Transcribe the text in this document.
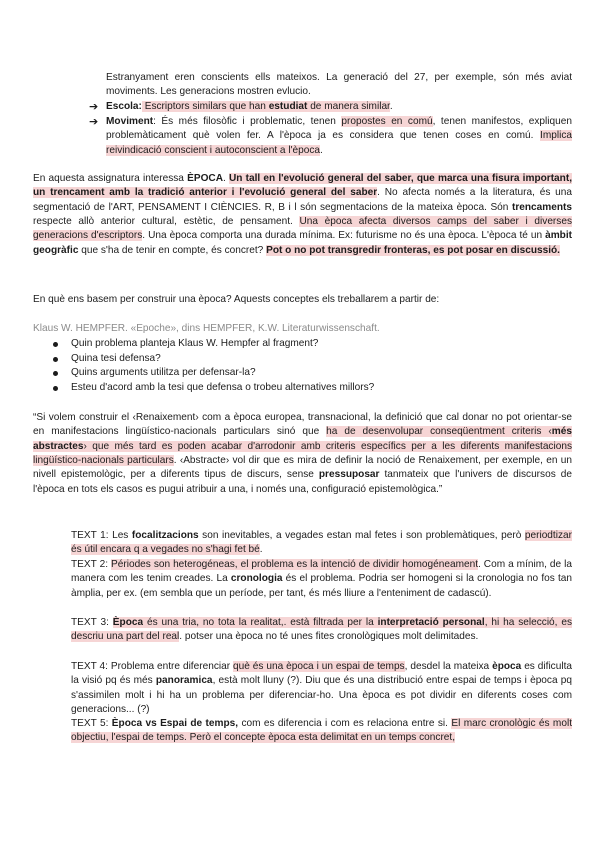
Estranyament eren conscients ells mateixos. La generació del 27, per exemple, són més aviat moviments. Les generacions mostren evlucio.

➔ Escola: Escriptors similars que han estudiat de manera similar.

➔ Moviment: És més filosòfic i problematic, tenen propostes en comú, tenen manifestos, expliquen problemàticament què volen fer. A l'època ja es considera que tenen coses en comú. Implica reivindicació conscient i autoconscient a l'època.

En aquesta assignatura interessa ÈPOCA. Un tall en l'evolució general del saber, que marca una fisura important, un trencament amb la tradició anterior i l'evolució general del saber. No afecta només a la literatura, és una segmentació de l'ART, PENSAMENT I CIÈNCIES. R, B i l són segmentacions de la mateixa època. Són trencaments respecte allò anterior cultural, estètic, de pensament. Una època afecta diversos camps del saber i diverses generacions d'escriptors. Una època comporta una durada mínima. Ex: futurisme no és una època. L'època té un àmbit geogràfic que s'ha de tenir en compte, és concret? Pot o no pot transgredir fronteras, es pot posar en discussió.

En què ens basem per construir una època? Aquests conceptes els treballarem a partir de:

Klaus W. HEMPFER. «Epoche», dins HEMPFER, K.W. Literaturwissenschaft.

Quin problema planteja Klaus W. Hempfer al fragment?
Quina tesi defensa?
Quins arguments utilitza per defensar-la?
Esteu d'acord amb la tesi que defensa o trobeu alternatives millors?

“Si volem construir el ‹Renaixement› com a època europea, transnacional, la definició que cal donar no pot orientar-se en manifestacions lingüístico-nacionals particulars sinó que ha de desenvolupar conseqüentment criteris ‹més abstractes› que més tard es poden acabar d'arrodonir amb criteris específics per a les diferents manifestacions lingüístico-nacionals particulars. ‹Abstracte› vol dir que es mira de definir la noció de Renaixement, per exemple, en un nivell epistemològic, per a diferents tipus de discurs, sense pressuposar tanmateix que l'univers de discursos de l'època en tots els casos es pugui atribuir a una, i només una, configuració epistemològica.”

TEXT 1: Les focalitzacions son inevitables, a vegades estan mal fetes i son problemàtiques, però periodtizar és útil encara q a vegades no s'hagi fet bé.

TEXT 2: Périodes son heterogéneas, el problema es la intenció de dividir homogéneament. Com a mínim, de la manera com les tenim creades. La cronologia és el problema. Podria ser homogeni si la cronologia no fos tan àmplia, per ex. (em sembla que un període, per tant, és més lliure a l'enteniment de cadascú).

TEXT 3: Època és una tria, no tota la realitat,. està filtrada per la interpretació personal, hi ha selecció, es descriu una part del real. potser una època no té unes fites cronològiques molt delimitades.

TEXT 4: Problema entre diferenciar què és una època i un espai de temps, desdel la mateixa època es dificulta la visió pq és més panoramica, està molt lluny (?). Diu que és una distribució entre espai de temps i època pq s'assimilen molt i hi ha un problema per diferenciar-ho. Una època es pot dividir en diferents coses com generacions... (?)

TEXT 5: Època vs Espai de temps, com es diferencia i com es relaciona entre si. El marc cronològic és molt objectiu, l'espai de temps. Però el concepte època esta delimitat en un temps concret,
